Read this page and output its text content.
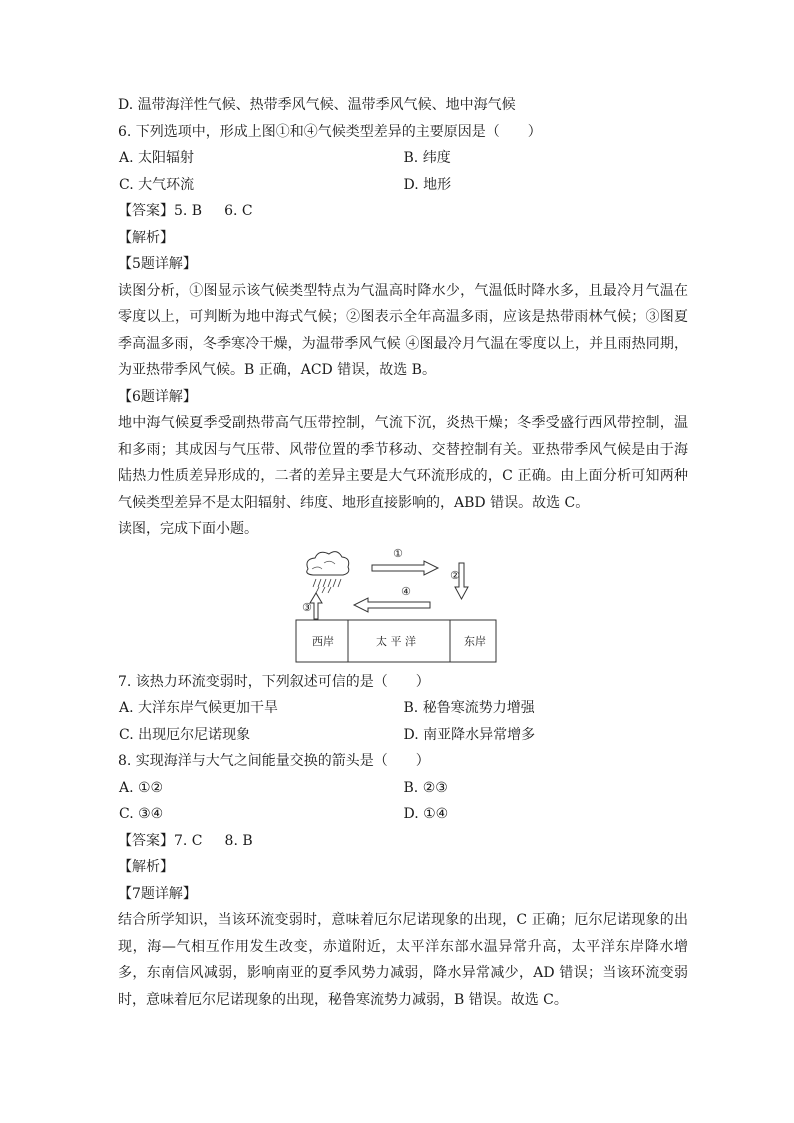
D. 温带海洋性气候、热带季风气候、温带季风气候、地中海气候
6. 下列选项中，形成上图①和④气候类型差异的主要原因是（　　）
A. 太阳辐射	B. 纬度
C. 大气环流	D. 地形
【答案】5. B 6. C
【解析】
【5题详解】
读图分析，①图显示该气候类型特点为气温高时降水少，气温低时降水多，且最冷月气温在零度以上，可判断为地中海式气候；②图表示全年高温多雨，应该是热带雨林气候；③图夏季高温多雨，冬季寒冷干燥，为温带季风气候 ④图最冷月气温在零度以上，并且雨热同期，为亚热带季风气候。B 正确，ACD 错误，故选 B。
【6题详解】
地中海气候夏季受副热带高气压带控制，气流下沉，炎热干燥；冬季受盛行西风带控制，温和多雨；其成因与气压带、风带位置的季节移动、交替控制有关。亚热带季风气候是由于海陆热力性质差异形成的，二者的差异主要是大气环流形成的，C 正确。由上面分析可知两种气候类型差异不是太阳辐射、纬度、地形直接影响的，ABD 错误。故选 C。
读图，完成下面小题。
①
②
④
③
西岸	太 平 洋	东岸
7. 该热力环流变弱时，下列叙述可信的是（　　）
A. 大洋东岸气候更加干旱	B. 秘鲁寒流势力增强
C. 出现厄尔尼诺现象	D. 南亚降水异常增多
8. 实现海洋与大气之间能量交换的箭头是（　　）
A. ①②	B. ②③
C. ③④	D. ①④
【答案】7. C 8. B
【解析】
【7题详解】
结合所学知识，当该环流变弱时，意味着厄尔尼诺现象的出现，C 正确；厄尔尼诺现象的出现，海—气相互作用发生改变，赤道附近，太平洋东部水温异常升高，太平洋东岸降水增多，东南信风减弱，影响南亚的夏季风势力减弱，降水异常减少，AD 错误；当该环流变弱时，意味着厄尔尼诺现象的出现，秘鲁寒流势力减弱，B 错误。故选 C。
